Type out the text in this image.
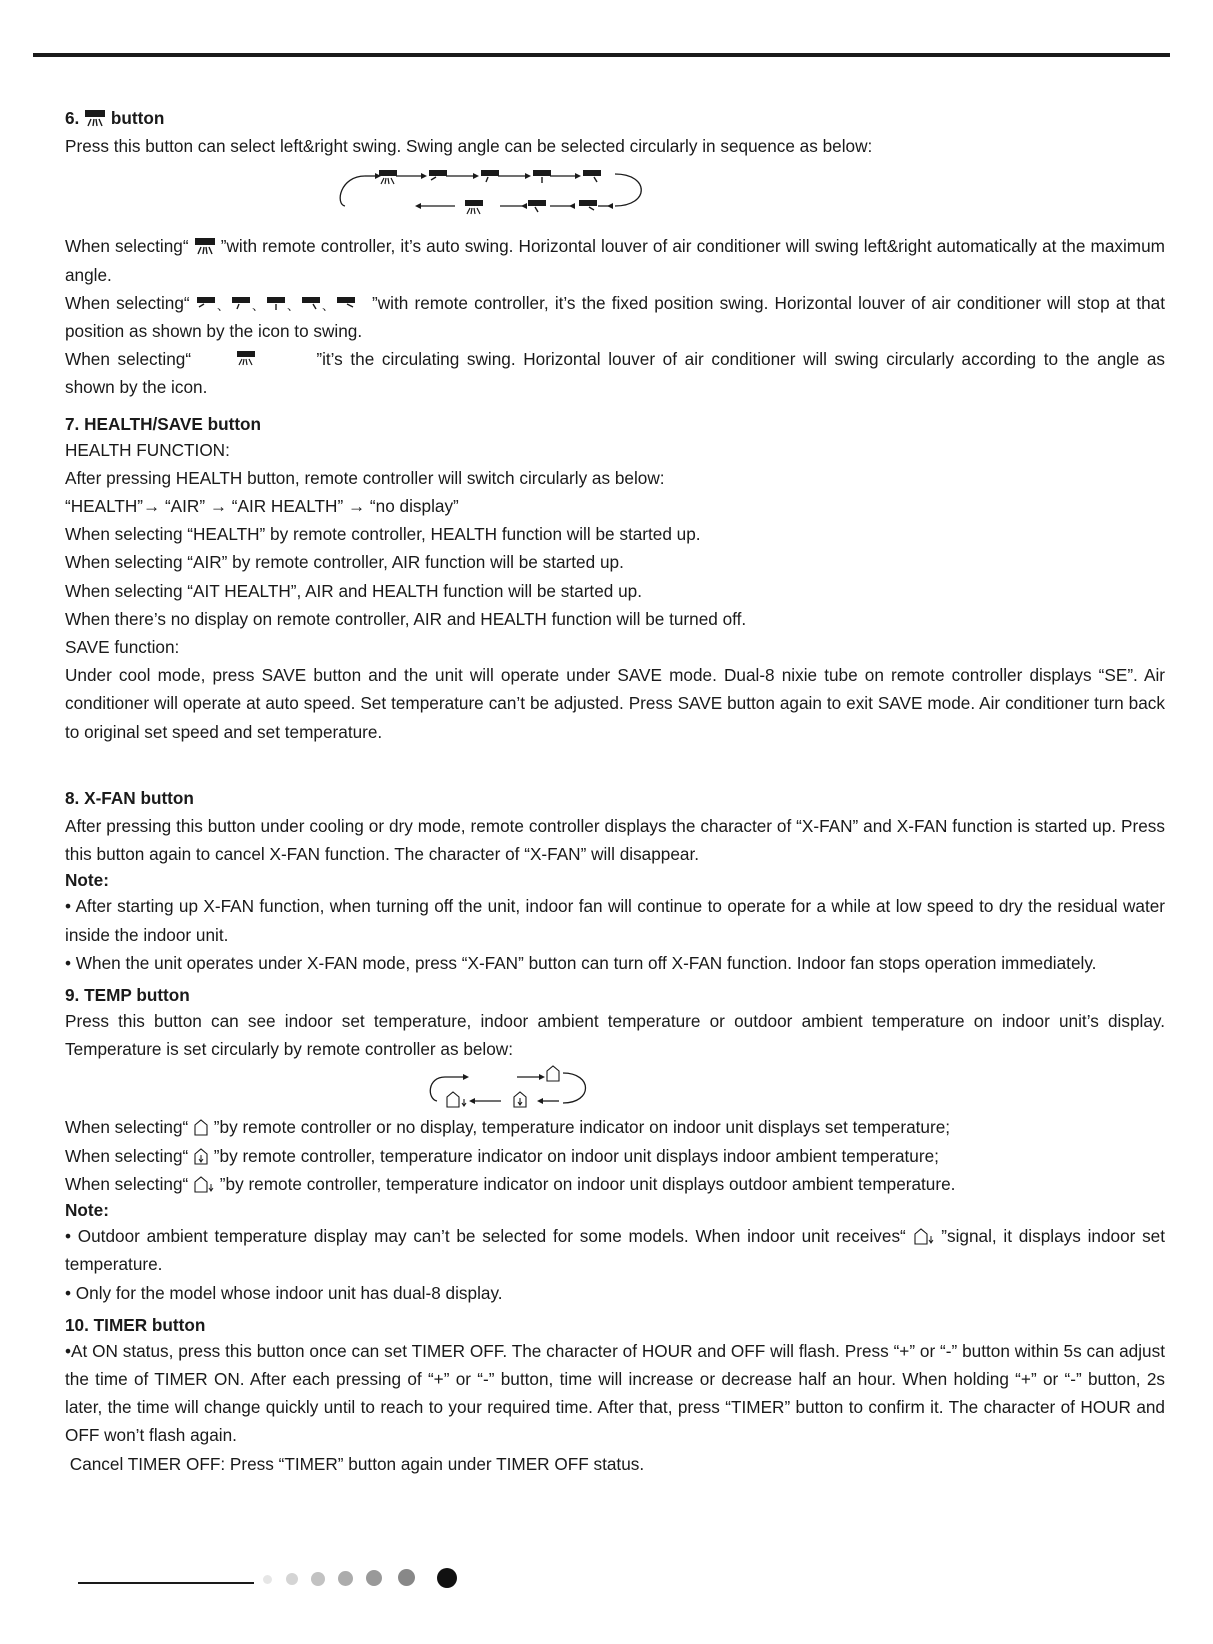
6. button

Press this button can select left&right swing. Swing angle can be selected circularly in sequence as below:

When selecting“ ”with remote controller, it’s auto swing. Horizontal louver of air conditioner will swing left&right automatically at the maximum angle.

When selecting“ 、 、 、 、 ”with remote controller, it’s the fixed position swing. Horizontal louver of air conditioner will stop at that position as shown by the icon to swing.

When selecting“	”it’s the circulating swing. Horizontal louver of air conditioner will swing circularly according to the angle as shown by the icon.

7. HEALTH/SAVE button

HEALTH FUNCTION:

After pressing HEALTH button, remote controller will switch circularly as below:

“HEALTH”→ “AIR” → “AIR HEALTH” → “no display”

When selecting “HEALTH” by remote controller, HEALTH function will be started up.

When selecting “AIR” by remote controller, AIR function will be started up.

When selecting “AIT HEALTH”, AIR and HEALTH function will be started up.

When there’s no display on remote controller, AIR and HEALTH function will be turned off.

SAVE function:

Under cool mode, press SAVE button and the unit will operate under SAVE mode. Dual-8 nixie tube on remote controller displays “SE”. Air conditioner will operate at auto speed. Set temperature can’t be adjusted. Press SAVE button again to exit SAVE mode. Air conditioner turn back to original set speed and set temperature.

8. X-FAN button

After pressing this button under cooling or dry mode, remote controller displays the character of “X-FAN” and X-FAN function is started up. Press this button again to cancel X-FAN function. The character of “X-FAN” will disappear.

Note:

• After starting up X-FAN function, when turning off the unit, indoor fan will continue to operate for a while at low speed to dry the residual water inside the indoor unit.

• When the unit operates under X-FAN mode, press “X-FAN” button can turn off X-FAN function. Indoor fan stops operation immediately.

9. TEMP button

Press this button can see indoor set temperature, indoor ambient temperature or outdoor ambient temperature on indoor unit’s display. Temperature is set circularly by remote controller as below:

When selecting“ ”by remote controller or no display, temperature indicator on indoor unit displays set temperature;

When selecting“ ”by remote controller, temperature indicator on indoor unit displays indoor ambient temperature;

When selecting“ ”by remote controller, temperature indicator on indoor unit displays outdoor ambient temperature.

Note:

• Outdoor ambient temperature display may can’t be selected for some models. When indoor unit receives“ ”signal, it displays indoor set temperature.

• Only for the model whose indoor unit has dual-8 display.

10. TIMER button

•At ON status, press this button once can set TIMER OFF. The character of HOUR and OFF will flash. Press “+” or “-” button within 5s can adjust the time of TIMER ON. After each pressing of “+” or “-” button, time will increase or decrease half an hour. When holding “+” or “-” button, 2s later, the time will change quickly until to reach to your required time. After that, press “TIMER” button to confirm it. The character of HOUR and OFF won’t flash again.

Cancel TIMER OFF: Press “TIMER” button again under TIMER OFF status.
